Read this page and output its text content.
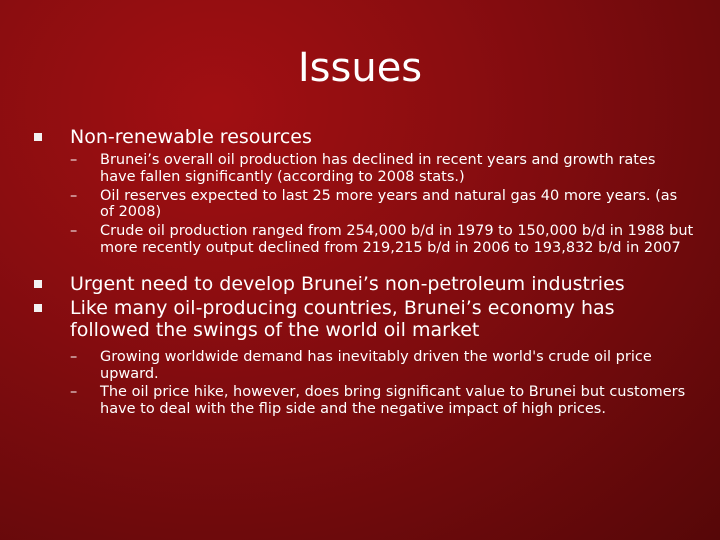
Issues
Non-renewable resources
– Brunei’s overall oil production has declined in recent years and growth rates have fallen significantly (according to 2008 stats.)
– Oil reserves expected to last 25 more years and natural gas 40 more years. (as of 2008)
– Crude oil production ranged from 254,000 b/d in 1979 to 150,000 b/d in 1988 but more recently output declined from 219,215 b/d in 2006 to 193,832 b/d in 2007
Urgent need to develop Brunei’s non-petroleum industries
Like many oil-producing countries, Brunei’s economy has followed the swings of the world oil market
– Growing worldwide demand has inevitably driven the world's crude oil price upward.
– The oil price hike, however, does bring significant value to Brunei but customers have to deal with the flip side and the negative impact of high prices.
